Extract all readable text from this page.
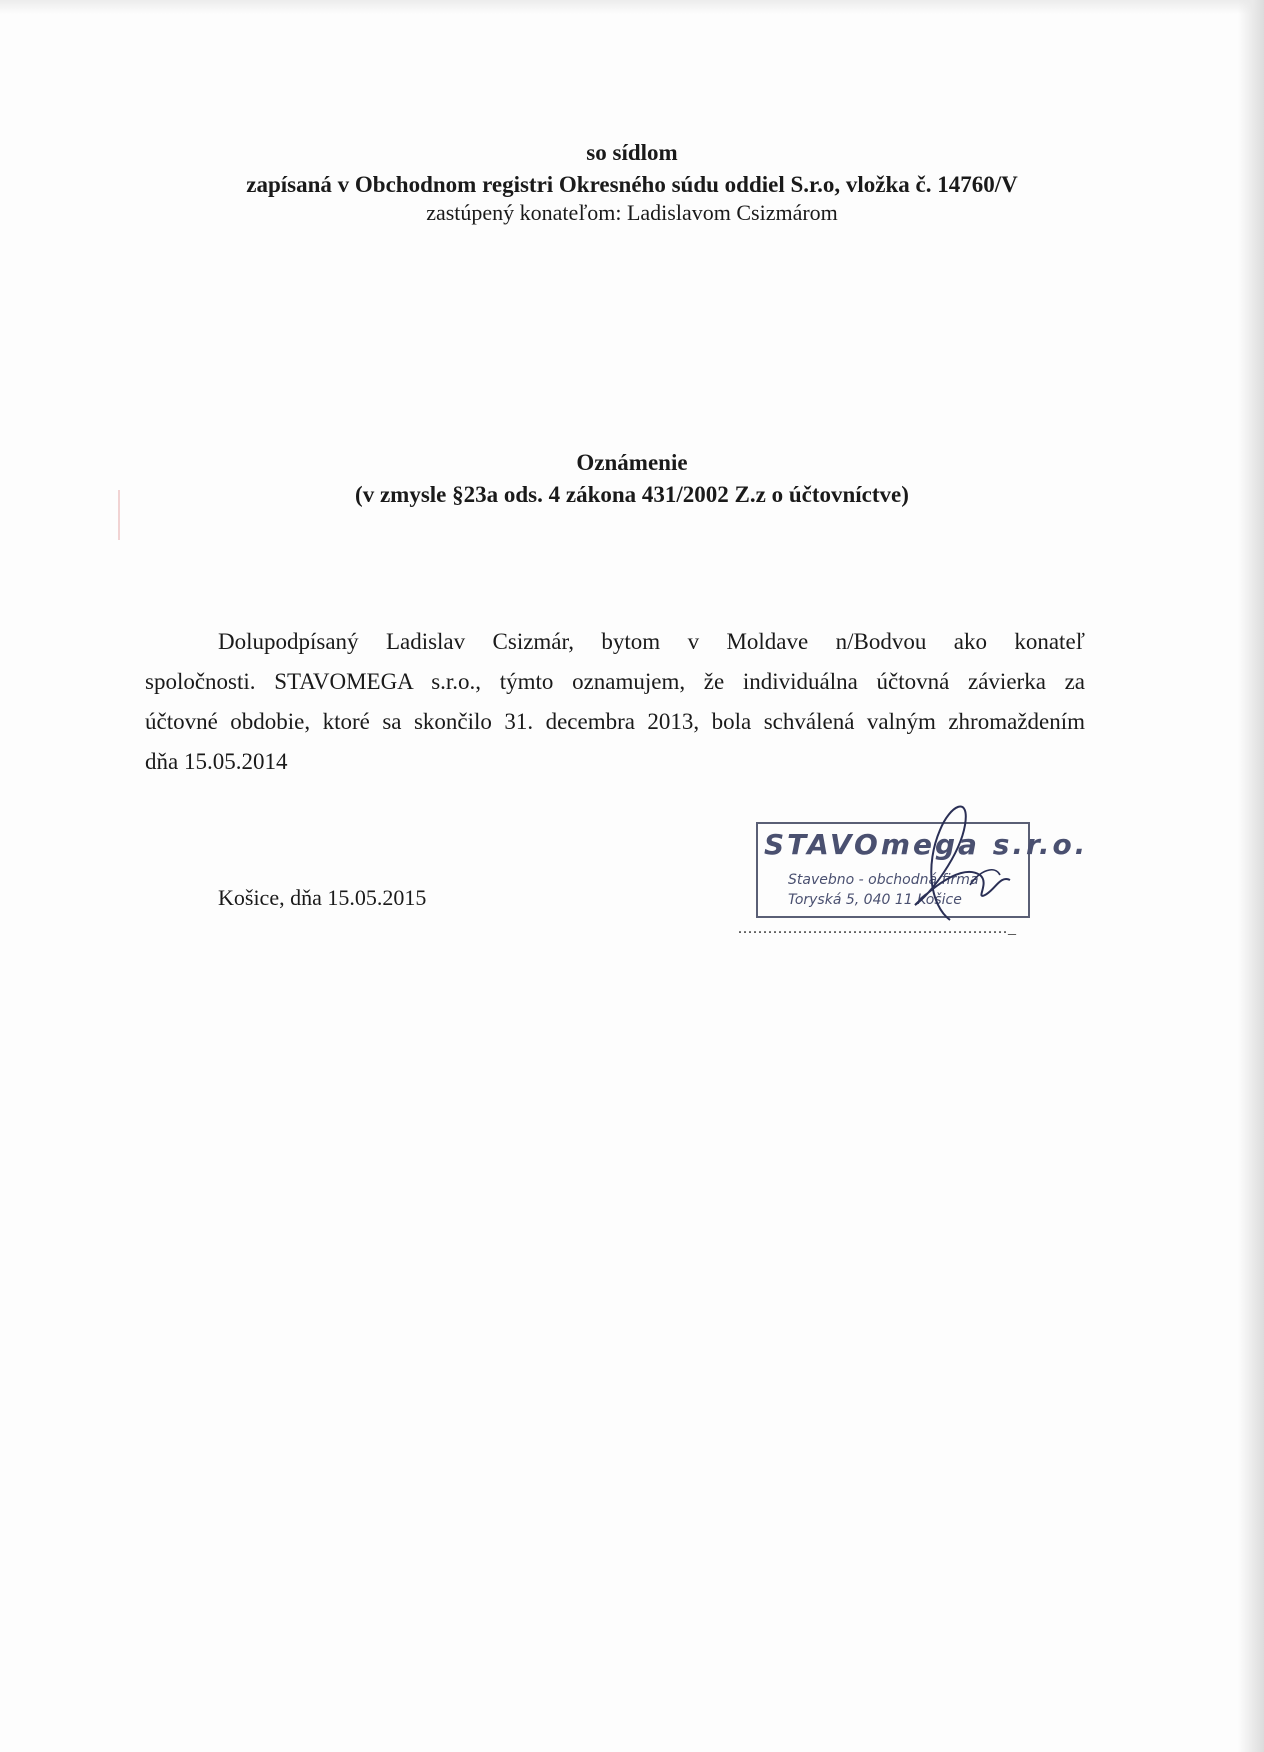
so sídlom
zapísaná v Obchodnom registri Okresného súdu oddiel S.r.o, vložka č. 14760/V
zastúpený konateľom: Ladislavom Csizmárom
Oznámenie
(v zmysle §23a ods. 4 zákona 431/2002 Z.z o účtovníctve)
Dolupodpísaný Ladislav Csizmár, bytom v Moldave n/Bodvou ako konateľ
spoločnosti. STAVOMEGA s.r.o., týmto oznamujem, že individuálna účtovná závierka za
účtovné obdobie, ktoré sa skončilo 31. decembra 2013, bola schválená valným zhromaždením
dňa 15.05.2014
Košice, dňa 15.05.2015
STAVOmega s.r.o.
Stavebno - obchodná firma
Toryská 5, 040 11 Košice
......................................................_
